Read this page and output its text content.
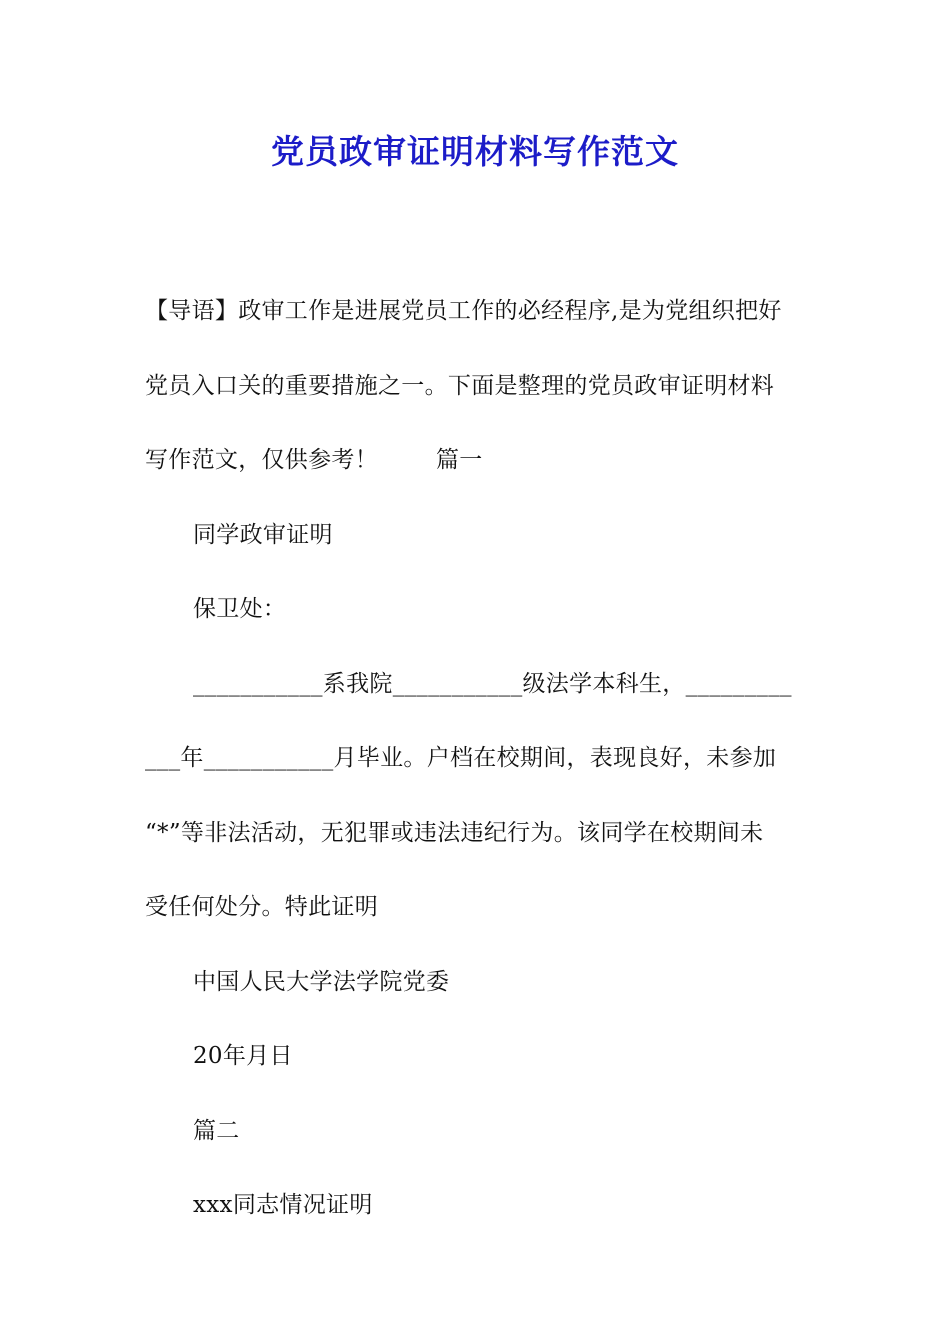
党员政审证明材料写作范文

【导语】政审工作是进展党员工作的必经程序,是为党组织把好

党员入口关的重要措施之一。下面是整理的党员政审证明材料

写作范文，仅供参考！	篇一

同学政审证明

保卫处：

___________系我院___________级法学本科生，_________

___年___________月毕业。户档在校期间，表现良好，未参加

“*”等非法活动，无犯罪或违法违纪行为。该同学在校期间未

受任何处分。特此证明

中国人民大学法学院党委

20年月日

篇二

xxx同志情况证明
